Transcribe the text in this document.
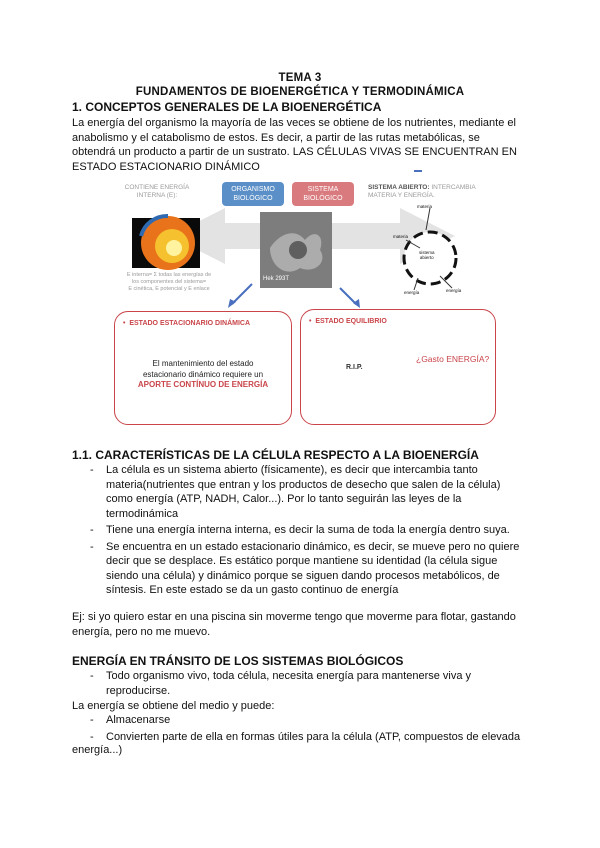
TEMA 3
FUNDAMENTOS DE BIOENERGÉTICA Y TERMODINÁMICA
1. CONCEPTOS GENERALES DE LA BIOENERGÉTICA
La energía del organismo la mayoría de las veces se obtiene de los nutrientes, mediante el
anabolismo y el catabolismo de estos. Es decir, a partir de las rutas metabólicas, se
obtendrá un producto a partir de un sustrato. LAS CÉLULAS VIVAS SE ENCUENTRAN EN
ESTADO ESTACIONARIO DINÁMICO
CONTIENE ENERGÍA
INTERNA (E):
ORGANISMO
BIOLÓGICO
SISTEMA
BIOLÓGICO
SISTEMA ABIERTO: INTERCAMBIA
MATERIA Y ENERGÍA.
E interna= Σ todas las energías de
los componentes del sistema=
E cinética, E potencial y E enlace
Hek 293T
materia
materia
sistema
abierto
energía	energía
•  ESTADO ESTACIONARIO DINÁMICA
El mantenimiento del estado
estacionario dinámico requiere un
APORTE CONTÍNUO DE ENERGÍA
•  ESTADO EQUILIBRIO
¿Gasto ENERGÍA?
R.I.P.
1.1. CARACTERÍSTICAS DE LA CÉLULA RESPECTO A LA BIOENERGÍA
- La célula es un sistema abierto (físicamente), es decir que intercambia tanto
materia(nutrientes que entran y los productos de desecho que salen de la célula)
como energía (ATP, NADH, Calor...). Por lo tanto seguirán las leyes de la
termodinámica
- Tiene una energía interna interna, es decir la suma de toda la energía dentro suya.
- Se encuentra en un estado estacionario dinámico, es decir, se mueve pero no quiere
decir que se desplace. Es estático porque mantiene su identidad (la célula sigue
siendo una célula) y dinámico porque se siguen dando procesos metabólicos, de
síntesis. En este estado se da un gasto continuo de energía
Ej: si yo quiero estar en una piscina sin moverme tengo que moverme para flotar, gastando
energía, pero no me muevo.
ENERGÍA EN TRÁNSITO DE LOS SISTEMAS BIOLÓGICOS
- Todo organismo vivo, toda célula, necesita energía para mantenerse viva y
reproducirse.
La energía se obtiene del medio y puede:
- Almacenarse
- Convierten parte de ella en formas útiles para la célula (ATP, compuestos de elevada
energía...)
